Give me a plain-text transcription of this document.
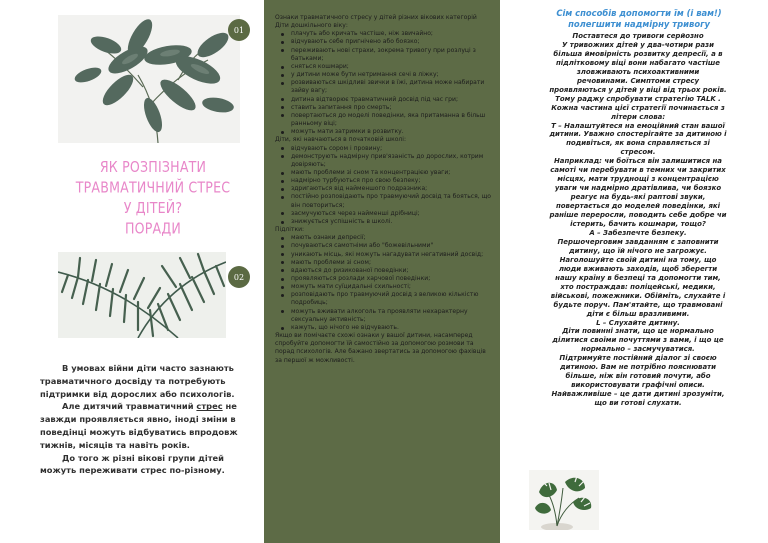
01
ЯК РОЗПІЗНАТИ
ТРАВМАТИЧНИЙ СТРЕС
У ДІТЕЙ?
ПОРАДИ
02

В умовах війни діти часто зазнають травматичного досвіду та потребують підтримки від дорослих або психологів.

Але дитячий травматичний стрес не завжди проявляється явно, іноді зміни в поведінці можуть відбуватись впродовж тижнів, місяців та навіть років.

До того ж різні вікові групи дітей можуть переживати стрес по-різному.

Ознаки травматичного стресу у дітей різних вікових категорій
Діти дошкільного віку:
плачуть або кричать частіше, ніж звичайно;
відчувають себе пригнічено або боязко;
переживають нові страхи, зокрема тривогу при розлуці з батьками;
сняться кошмари;
у дитини може бути нетримання сечі в ліжку;
розвиваються шкідливі звички в їжі, дитина може набирати зайву вагу;
дитина відтворює травматичний досвід під час гри;
ставить запитання про смерть;
повертаються до моделі поведінки, яка притаманна в більш ранньому віці;
можуть мати затримки в розвитку.
Діти, які навчаються в початковій школі:
відчувають сором і провину;
демонструють надмірну прив'язаність до дорослих, котрим довіряють;
мають проблеми зі сном та концентрацією уваги;
надмірно турбуються про свою безпеку;
здригаються від найменшого подразника;
постійно розповідають про травмуючий досвід та бояться, що він повториться;
засмучуються через найменші дрібниці;
знижується успішність в школі.
Підлітки:
мають ознаки депресії;
почуваються самотніми або "божевільними"
уникають місць, які можуть нагадувати негативний досвід;
мають проблеми зі сном;
вдаються до ризикованої поведінки;
проявляються розлади харчової поведінки;
можуть мати суїцидальні схильності;
розповідають про травмуючий досвід з великою кількістю подробиць;
можуть вживати алкоголь та проявляти нехарактерну сексуальну активність;
кажуть, що нічого не відчувають.
Якщо ви помічаєте схожі ознаки у вашої дитини, насамперед спробуйте допомогти їй самостійно за допомогою розмови та порад психологів. Але бажано звертатись за допомогою фахівців за першої ж можливості.
Сім способів допомогти їм (і вам!)
полегшити надмірну тривогу
Поставтеся до тривоги серйозно
У тривожних дітей у два-чотири рази
більша ймовірність розвитку депресії, а в
підлітковому віці вони набагато частіше
зловживають психоактивними
речовинами. Симптоми стресу
проявляються у дітей у віці від трьох років.
Тому раджу спробувати стратегію TALK .
Кожна частина цієї стратегії починається з
літери слова:
T – Налаштуйтеся на емоційний стан вашої
дитини. Уважно спостерігайте за дитиною і
подивіться, як вона справляється зі
стресом.
Наприклад: чи боїться він залишитися на
самоті чи перебувати в темних чи закритих
місцях, мати труднощі з концентрацією
уваги чи надмірно дратівлива, чи боязко
реагує на будь-які раптові звуки,
повертається до моделей поведінки, які
раніше переросли, поводить себе добре чи
істерить, бачить кошмари, тощо?
А – Забезпечте безпеку.
Першочерговим завданням є заповнити
дитину, що їй нічого не загрожує.
Наголошуйте своїй дитині на тому, що
люди вживають заходів, щоб зберегти
нашу країну в безпеці та допомогти тим,
хто постраждав: поліцейські, медики,
військові, пожежники. Обійміть, слухайте і
будьте поруч. Пам'ятайте, що травмовані
діти є більш вразливими.
L – Слухайте дитину.
Діти повинні знати, що це нормально
ділитися своїми почуттями з вами, і що це
нормально – засмучуватися.
Підтримуйте постійний діалог зі своєю
дитиною. Вам не потрібно пояснювати
більше, ніж він готовий почути, або
використовувати графічні описи.
Найважливіше – це дати дитині зрозуміти,
що ви готові слухати.
